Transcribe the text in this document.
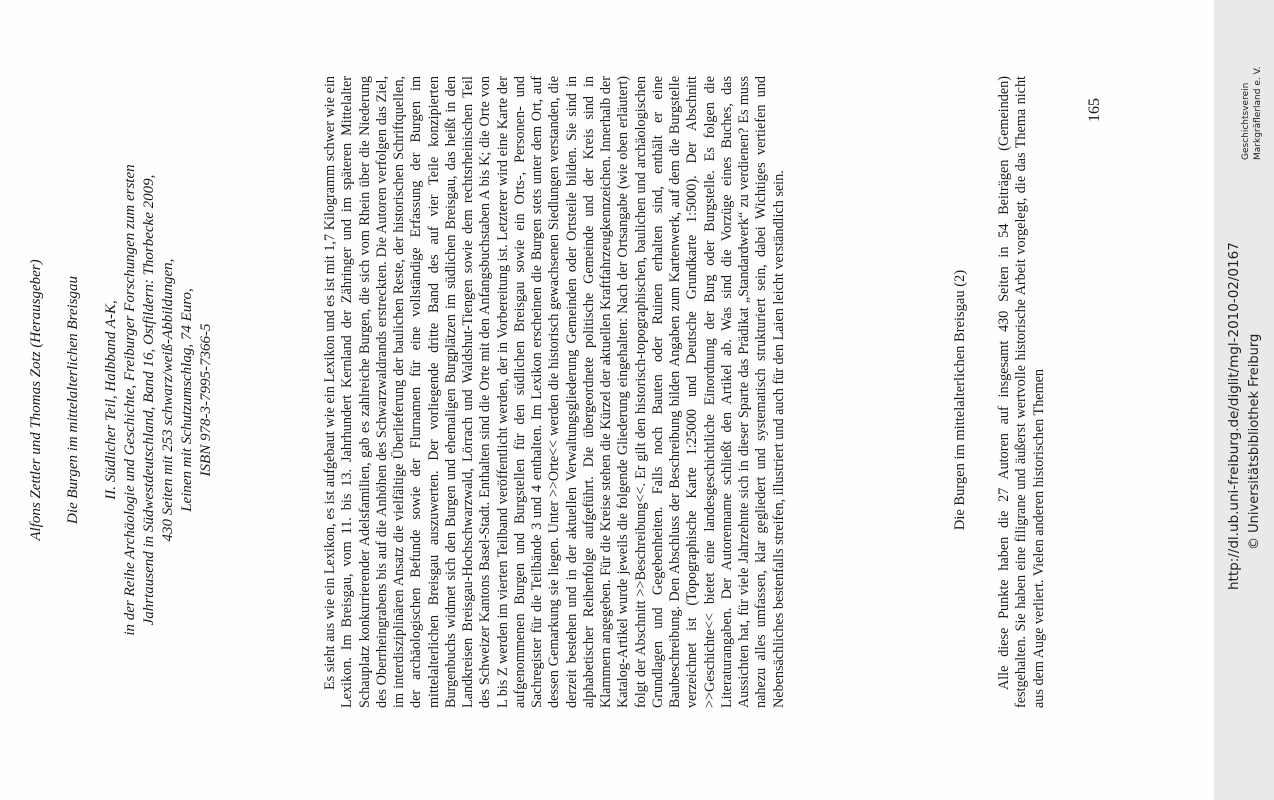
Alfons Zettler und Thomas Zotz (Herausgeber) Die Burgen im mittelalterlichen Breisgau II. Südlicher Teil, Halbband A-K, in der Reihe Archäologie und Geschichte, Freiburger Forschungen zum ersten Jahrtausend in Südwestdeutschland, Band 16, Ostfildern: Thorbecke 2009, 430 Seiten mit 253 schwarz/weiß-Abbildungen, Leinen mit Schutzumschlag, 74 Euro, ISBN 978-3-7995-7366-5	Es sieht aus wie ein Lexikon, es ist aufgebaut wie ein Lexikon und es ist mit 1,7 Kilogramm schwer wie ein Lexikon. Im Breisgau, vom 11. bis 13. Jahrhundert Kernland der Zähringer und im späteren Mittelalter Schauplatz konkurrierender Adelsfamilien, gab es zahlreiche Burgen, die sich vom Rhein über die Niederung des Oberrheingrabens bis auf die Anhöhen des Schwarzwaldrands erstreckten. Die Autoren verfolgen das Ziel, im interdisziplinären Ansatz die vielfältige Überlieferung der baulichen Reste, der historischen Schriftquellen, der archäologischen Befunde sowie der Flurnamen für eine vollständige Erfassung der Burgen im mittelalterlichen Breisgau auszuwerten. Der vorliegende dritte Band des auf vier Teile konzipierten Burgenbuchs widmet sich den Burgen und ehemaligen Burgplätzen im südlichen Breisgau, das heißt in den Landkreisen Breisgau-Hochschwarzwald, Lörrach und Waldshut-Tiengen sowie dem rechtsrheinischen Teil des Schweizer Kantons Basel-Stadt. Enthalten sind die Orte mit den Anfangsbuchstaben A bis K; die Orte von L bis Z werden im vierten Teilband veröffentlicht werden, der in Vorbereitung ist. Letzterer wird eine Karte der aufgenommenen Burgen und Burgstellen für den südlichen Breisgau sowie ein Orts-, Personen- und Sachregister für die Teilbände 3 und 4 enthalten. Im Lexikon erscheinen die Burgen stets unter dem Ort, auf dessen Gemarkung sie liegen. Unter >>Orte<< werden die historisch gewachsenen Siedlungen verstanden, die derzeit bestehen und in der aktuellen Verwaltungsgliederung Gemeinden oder Ortsteile bilden. Sie sind in alphabetischer Reihenfolge aufgeführt. Die übergeordnete politische Gemeinde und der Kreis sind in Klammern angegeben. Für die Kreise stehen die Kürzel der aktuellen Kraftfahrzeugkennzeichen. Innerhalb der Katalog-Artikel wurde jeweils die folgende Gliederung eingehalten: Nach der Ortsangabe (wie oben erläutert) folgt der Abschnitt >>Beschreibung<<. Er gilt den historisch-topographischen, baulichen und archäologischen Grundlagen und Gegebenheiten. Falls noch Bauten oder Ruinen erhalten sind, enthält er eine Baubeschreibung. Den Abschluss der Beschreibung bilden Angaben zum Kartenwerk, auf dem die Burgstelle verzeichnet ist (Topographische Karte 1:25000 und Deutsche Grundkarte 1:5000). Der Abschnitt >>Geschichte<< bietet eine landesgeschichtliche Einordnung der Burg oder Burgstelle. Es folgen die Literaturangaben. Der Autorenname schließt den Artikel ab. Was sind die Vorzüge eines Buches, das Aussichten hat, für viele Jahrzehnte sich in dieser Sparte das Prädikat „Standardwerk“ zu verdienen? Es muss nahezu alles umfassen, klar gegliedert und systematisch strukturiert sein, dabei Wichtiges vertiefen und Nebensächliches bestenfalls streifen, illustriert und auch für den Laien leicht verständlich sein.	Die Burgen im mittelalterlichen Breisgau (2) Alle diese Punkte haben die 27 Autoren auf insgesamt 430 Seiten in 54 Beiträgen (Gemeinden) festgehalten. Sie haben eine filigrane und äußerst wertvolle historische Arbeit vorgelegt, die das Thema nicht aus dem Auge verliert. Vielen anderen historischen Themen

165
http://dl.ub.uni-freiburg.de/diglit/mgl-2010-02/0167 © Universitätsbibliothek Freiburg
Geschichtsverein Markgräflerland e. V.
